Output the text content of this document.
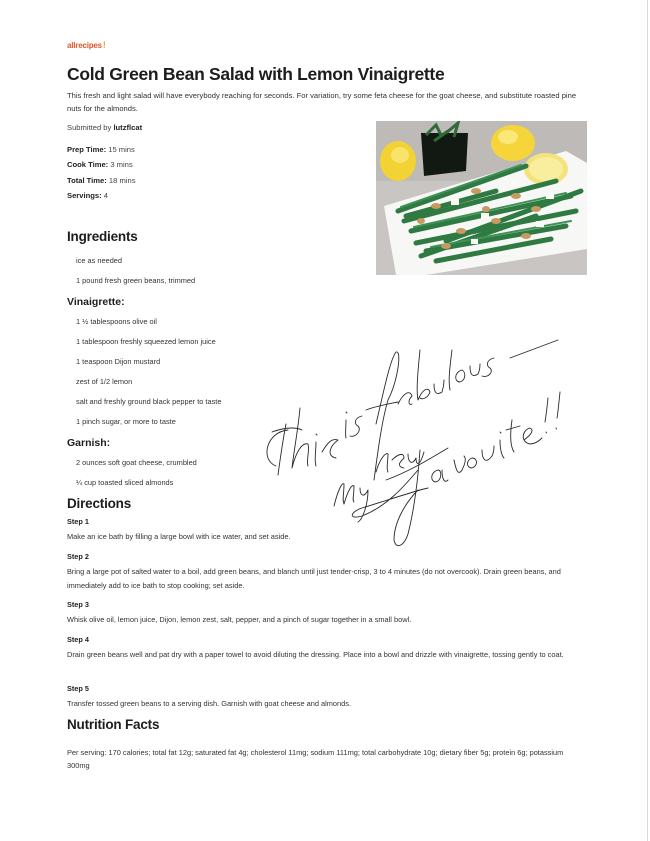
allrecipes!
Cold Green Bean Salad with Lemon Vinaigrette

This fresh and light salad will have everybody reaching for seconds. For variation, try some feta cheese for the goat cheese, and substitute roasted pine nuts for the almonds.

Submitted by lutzflcat
Prep Time: 15 mins
Cook Time: 3 mins
Total Time: 18 mins
Servings: 4
Ingredients
ice as needed
1 pound fresh green beans, trimmed
Vinaigrette:
1 ½ tablespoons olive oil
1 tablespoon freshly squeezed lemon juice
1 teaspoon Dijon mustard
zest of 1/2 lemon
salt and freshly ground black pepper to taste
1 pinch sugar, or more to taste
Garnish:
2 ounces soft goat cheese, crumbled
¼ cup toasted sliced almonds
Directions
Step 1
Make an ice bath by filling a large bowl with ice water, and set aside.
Step 2
Bring a large pot of salted water to a boil, add green beans, and blanch until just tender-crisp, 3 to 4 minutes (do not overcook). Drain green beans, and immediately add to ice bath to stop cooking; set aside.
Step 3
Whisk olive oil, lemon juice, Dijon, lemon zest, salt, pepper, and a pinch of sugar together in a small bowl.
Step 4
Drain green beans well and pat dry with a paper towel to avoid diluting the dressing. Place into a bowl and drizzle with vinaigrette, tossing gently to coat.
Step 5
Transfer tossed green beans to a serving dish. Garnish with goat cheese and almonds.
Nutrition Facts
Per serving: 170 calories; total fat 12g; saturated fat 4g; cholesterol 11mg; sodium 111mg; total carbohydrate 10g; dietary fiber 5g; protein 6g; potassium 300mg
